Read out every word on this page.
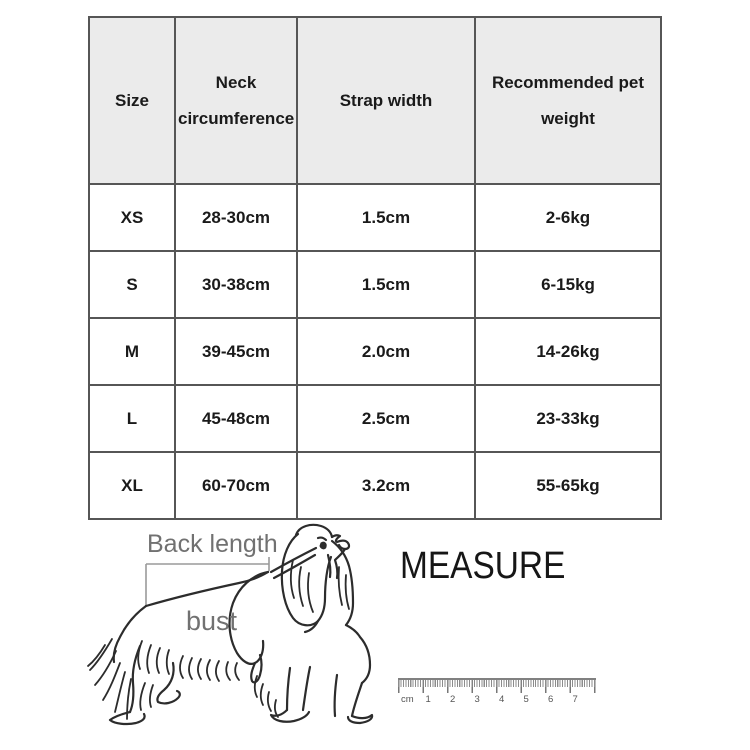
Size	Neck circumference	Strap width	Recommended pet weight
XS	28-30cm	1.5cm	2-6kg
S	30-38cm	1.5cm	6-15kg
M	39-45cm	2.0cm	14-26kg
L	45-48cm	2.5cm	23-33kg
XL	60-70cm	3.2cm	55-65kg
Back length
bust
MEASURE
cm	1	2	3	4	5	6	7
